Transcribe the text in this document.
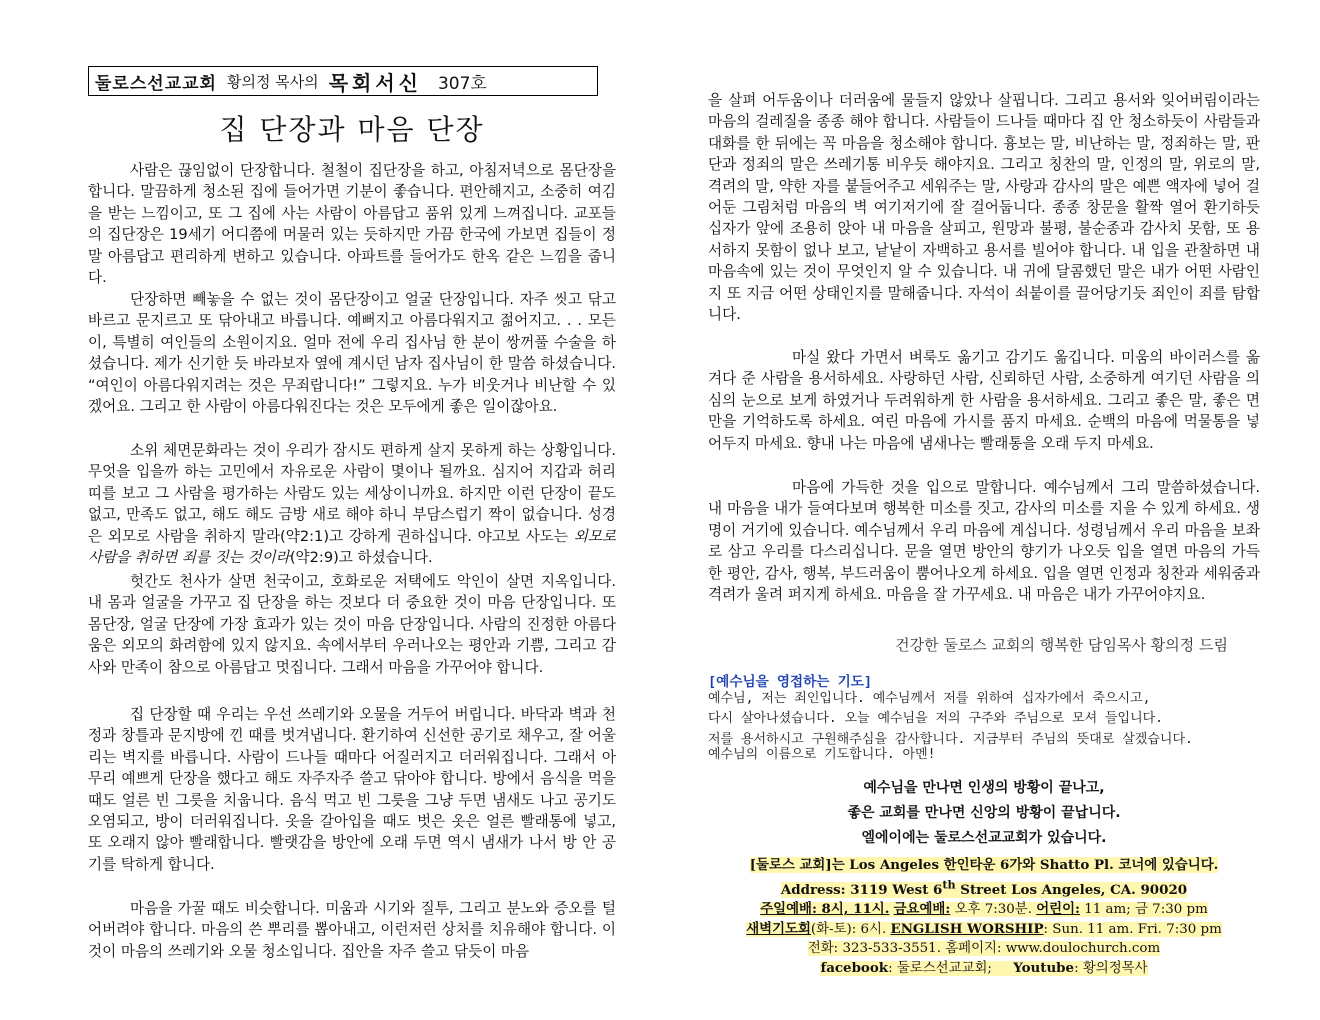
둘로스선교교회 황의정 목사의 목회서신 307호
집 단장과 마음 단장

사람은 끊임없이 단장합니다. 철철이 집단장을 하고, 아침저녁으로 몸단장을 합니다. 말끔하게 청소된 집에 들어가면 기분이 좋습니다. 편안해지고, 소중히 여김을 받는 느낌이고, 또 그 집에 사는 사람이 아름답고 품위 있게 느껴집니다. 교포들의 집단장은 19세기 어디쯤에 머물러 있는 듯하지만 가끔 한국에 가보면 집들이 정말 아름답고 편리하게 변하고 있습니다. 아파트를 들어가도 한옥 같은 느낌을 줍니다.

단장하면 빼놓을 수 없는 것이 몸단장이고 얼굴 단장입니다. 자주 씻고 닦고 바르고 문지르고 또 닦아내고 바릅니다. 예뻐지고 아름다워지고 젊어지고. . . 모든 이, 특별히 여인들의 소원이지요. 얼마 전에 우리 집사님 한 분이 쌍꺼풀 수술을 하셨습니다. 제가 신기한 듯 바라보자 옆에 계시던 남자 집사님이 한 말씀 하셨습니다. “여인이 아름다워지려는 것은 무죄랍니다!” 그렇지요. 누가 비웃거나 비난할 수 있겠어요. 그리고 한 사람이 아름다워진다는 것은 모두에게 좋은 일이잖아요.

소위 체면문화라는 것이 우리가 잠시도 편하게 살지 못하게 하는 상황입니다. 무엇을 입을까 하는 고민에서 자유로운 사람이 몇이나 될까요. 심지어 지갑과 허리띠를 보고 그 사람을 평가하는 사람도 있는 세상이니까요. 하지만 이런 단장이 끝도 없고, 만족도 없고, 해도 해도 금방 새로 해야 하니 부담스럽기 짝이 없습니다. 성경은 외모로 사람을 취하지 말라(약2:1)고 강하게 권하십니다. 야고보 사도는 외모로 사람을 취하면 죄를 짓는 것이라(약2:9)고 하셨습니다.

헛간도 천사가 살면 천국이고, 호화로운 저택에도 악인이 살면 지옥입니다. 내 몸과 얼굴을 가꾸고 집 단장을 하는 것보다 더 중요한 것이 마음 단장입니다. 또 몸단장, 얼굴 단장에 가장 효과가 있는 것이 마음 단장입니다. 사람의 진정한 아름다움은 외모의 화려함에 있지 않지요. 속에서부터 우러나오는 평안과 기쁨, 그리고 감사와 만족이 참으로 아름답고 멋집니다. 그래서 마음을 가꾸어야 합니다.

집 단장할 때 우리는 우선 쓰레기와 오물을 거두어 버립니다. 바닥과 벽과 천정과 창틀과 문지방에 낀 때를 벗겨냅니다. 환기하여 신선한 공기로 채우고, 잘 어울리는 벽지를 바릅니다. 사람이 드나들 때마다 어질러지고 더러워집니다. 그래서 아무리 예쁘게 단장을 했다고 해도 자주자주 쓸고 닦아야 합니다. 방에서 음식을 먹을 때도 얼른 빈 그릇을 치웁니다. 음식 먹고 빈 그릇을 그냥 두면 냄새도 나고 공기도 오염되고, 방이 더러워집니다. 옷을 갈아입을 때도 벗은 옷은 얼른 빨래통에 넣고, 또 오래지 않아 빨래합니다. 빨랫감을 방안에 오래 두면 역시 냄새가 나서 방 안 공기를 탁하게 합니다.

마음을 가꿀 때도 비슷합니다. 미움과 시기와 질투, 그리고 분노와 증오를 털어버려야 합니다. 마음의 쓴 뿌리를 뽑아내고, 이런저런 상처를 치유해야 합니다. 이것이 마음의 쓰레기와 오물 청소입니다. 집안을 자주 쓸고 닦듯이 마음

을 살펴 어두움이나 더러움에 물들지 않았나 살핍니다. 그리고 용서와 잊어버림이라는 마음의 걸레질을 종종 해야 합니다. 사람들이 드나들 때마다 집 안 청소하듯이 사람들과 대화를 한 뒤에는 꼭 마음을 청소해야 합니다. 흉보는 말, 비난하는 말, 정죄하는 말, 판단과 정죄의 말은 쓰레기통 비우듯 해야지요. 그리고 칭찬의 말, 인정의 말, 위로의 말, 격려의 말, 약한 자를 붙들어주고 세워주는 말, 사랑과 감사의 말은 예쁜 액자에 넣어 걸어둔 그림처럼 마음의 벽 여기저기에 잘 걸어둡니다. 종종 창문을 활짝 열어 환기하듯 십자가 앞에 조용히 앉아 내 마음을 살피고, 원망과 불평, 불순종과 감사치 못함, 또 용서하지 못함이 없나 보고, 낱낱이 자백하고 용서를 빌어야 합니다. 내 입을 관찰하면 내 마음속에 있는 것이 무엇인지 알 수 있습니다. 내 귀에 달콤했던 말은 내가 어떤 사람인지 또 지금 어떤 상태인지를 말해줍니다. 자석이 쇠붙이를 끌어당기듯 죄인이 죄를 탐합니다.

마실 왔다 가면서 벼룩도 옮기고 감기도 옮깁니다. 미움의 바이러스를 옮겨다 준 사람을 용서하세요. 사랑하던 사람, 신뢰하던 사람, 소중하게 여기던 사람을 의심의 눈으로 보게 하였거나 두려워하게 한 사람을 용서하세요. 그리고 좋은 말, 좋은 면만을 기억하도록 하세요. 여린 마음에 가시를 품지 마세요. 순백의 마음에 먹물통을 넣어두지 마세요. 향내 나는 마음에 냄새나는 빨래통을 오래 두지 마세요.

마음에 가득한 것을 입으로 말합니다. 예수님께서 그리 말씀하셨습니다. 내 마음을 내가 들여다보며 행복한 미소를 짓고, 감사의 미소를 지을 수 있게 하세요. 생명이 거기에 있습니다. 예수님께서 우리 마음에 계십니다. 성령님께서 우리 마음을 보좌로 삼고 우리를 다스리십니다. 문을 열면 방안의 향기가 나오듯 입을 열면 마음의 가득한 평안, 감사, 행복, 부드러움이 뿜어나오게 하세요. 입을 열면 인정과 칭찬과 세워줌과 격려가 울려 퍼지게 하세요. 마음을 잘 가꾸세요. 내 마음은 내가 가꾸어야지요.

건강한 둘로스 교회의 행복한 담임목사 황의정 드림
[예수님을 영접하는 기도]
예수님, 저는 죄인입니다. 예수님께서 저를 위하여 십자가에서 죽으시고,
다시 살아나셨습니다. 오늘 예수님을 저의 구주와 주님으로 모셔 들입니다.
저를 용서하시고 구원해주심을 감사합니다. 지금부터 주님의 뜻대로 살겠습니다.
예수님의 이름으로 기도합니다. 아멘!
예수님을 만나면 인생의 방황이 끝나고,
좋은 교회를 만나면 신앙의 방황이 끝납니다.
엘에이에는 둘로스선교교회가 있습니다.
[둘로스 교회]는 Los Angeles 한인타운 6가와 Shatto Pl. 코너에 있습니다.
Address: 3119 West 6th Street Los Angeles, CA. 90020
주일예배: 8시, 11시. 금요예배: 오후 7:30분. 어린이: 11 am; 금 7:30 pm
새벽기도회(화-토): 6시. ENGLISH WORSHIP: Sun. 11 am. Fri. 7:30 pm
전화: 323-533-3551. 홈페이지: www.doulochurch.com
facebook: 둘로스선교교회; Youtube: 황의정목사
